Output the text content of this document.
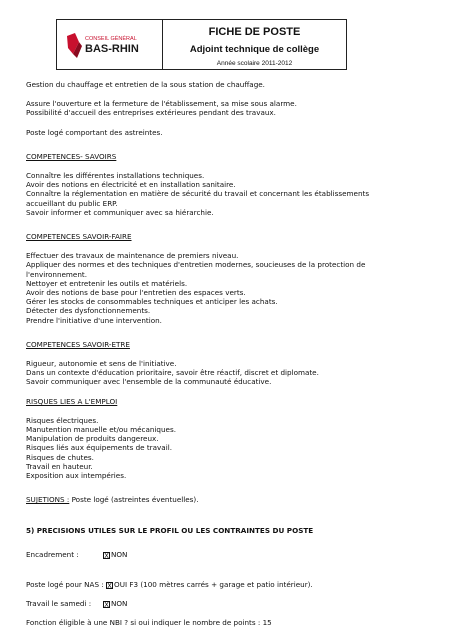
CONSEIL GÉNÉRAL
BAS-RHIN
FICHE DE POSTE
Adjoint technique de collège
Année scolaire 2011-2012

Gestion du chauffage et entretien de la sous station de chauffage.

Assure l'ouverture et la fermeture de l'établissement, sa mise sous alarme.

Possibilité d'accueil des entreprises extérieures pendant des travaux.

Poste logé comportant des astreintes.

COMPETENCES- SAVOIRS

Connaître les différentes installations techniques.

Avoir des notions en électricité et en installation sanitaire.

Connaître la réglementation en matière de sécurité du travail et concernant les établissements

accueillant du public ERP.

Savoir informer et communiquer avec sa hiérarchie.

COMPETENCES SAVOIR-FAIRE

Effectuer des travaux de maintenance de premiers niveau.

Appliquer des normes et des techniques d'entretien modernes, soucieuses de la protection de

l'environnement.

Nettoyer et entretenir les outils et matériels.

Avoir des notions de base pour l'entretien des espaces verts.

Gérer les stocks de consommables techniques et anticiper les achats.

Détecter des dysfonctionnements.

Prendre l'initiative d'une intervention.

COMPETENCES SAVOIR-ETRE

Rigueur, autonomie et sens de l'initiative.

Dans un contexte d'éducation prioritaire, savoir être réactif, discret et diplomate.

Savoir communiquer avec l'ensemble de la communauté éducative.

RISQUES LIES A L'EMPLOI

Risques électriques.

Manutention manuelle et/ou mécaniques.

Manipulation de produits dangereux.

Risques liés aux équipements de travail.

Risques de chutes.

Travail en hauteur.

Exposition aux intempéries.

SUJETIONS : Poste logé (astreintes éventuelles).

5) PRECISIONS UTILES SUR LE PROFIL OU LES CONTRAINTES DU POSTE

Encadrement :	X NON

Poste logé pour NAS : X OUI F3 (100 mètres carrés + garage et patio intérieur).

Travail le samedi : X NON

Fonction éligible à une NBI ? si oui indiquer le nombre de points : 15
